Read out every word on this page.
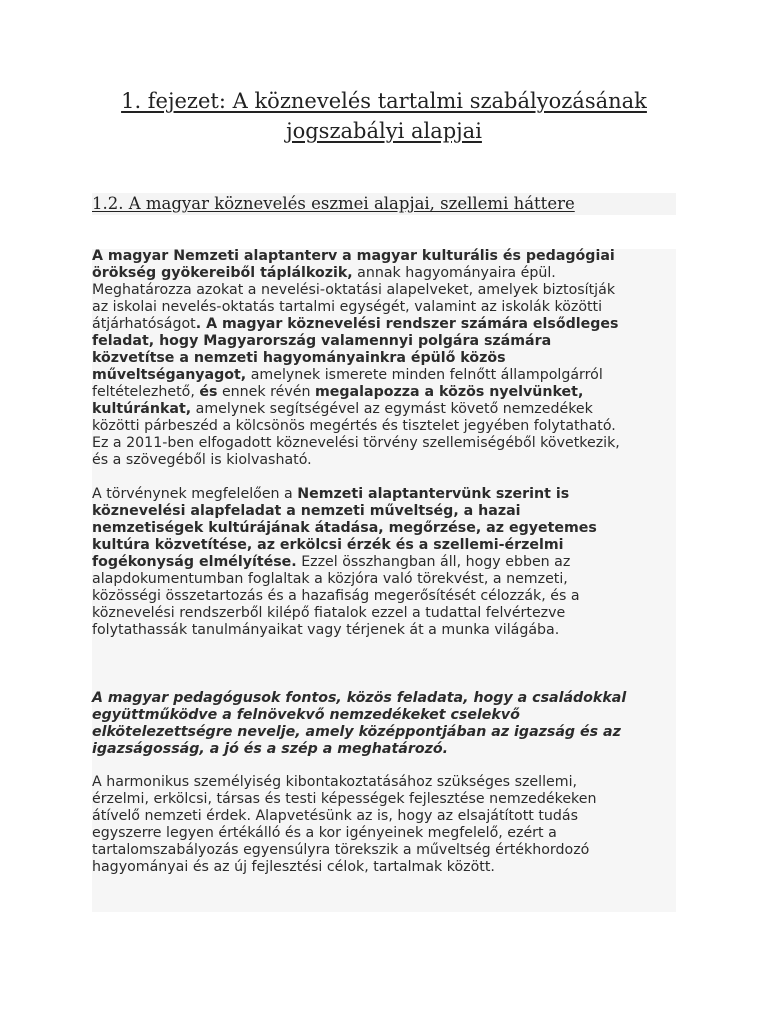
1. fejezet: A köznevelés tartalmi szabályozásának
jogszabályi alapjai
1.2. A magyar köznevelés eszmei alapjai, szellemi háttere

A magyar Nemzeti alaptanterv a magyar kulturális és pedagógiai
örökség gyökereiből táplálkozik, annak hagyományaira épül.
Meghatározza azokat a nevelési-oktatási alapelveket, amelyek biztosítják
az iskolai nevelés-oktatás tartalmi egységét, valamint az iskolák közötti
átjárhatóságot. A magyar köznevelési rendszer számára elsődleges
feladat, hogy Magyarország valamennyi polgára számára
közvetítse a nemzeti hagyományainkra épülő közös
műveltséganyagot, amelynek ismerete minden felnőtt állampolgárról
feltételezhető, és ennek révén megalapozza a közös nyelvünket,
kultúránkat, amelynek segítségével az egymást követő nemzedékek
közötti párbeszéd a kölcsönös megértés és tisztelet jegyében folytatható.
Ez a 2011-ben elfogadott köznevelési törvény szellemiségéből következik,
és a szövegéből is kiolvasható.

A törvénynek megfelelően a Nemzeti alaptantervünk szerint is
köznevelési alapfeladat a nemzeti műveltség, a hazai
nemzetiségek kultúrájának átadása, megőrzése, az egyetemes
kultúra közvetítése, az erkölcsi érzék és a szellemi-érzelmi
fogékonyság elmélyítése. Ezzel összhangban áll, hogy ebben az
alapdokumentumban foglaltak a közjóra való törekvést, a nemzeti,
közösségi összetartozás és a hazafiság megerősítését célozzák, és a
köznevelési rendszerből kilépő fiatalok ezzel a tudattal felvértezve
folytathassák tanulmányaikat vagy térjenek át a munka világába.

A magyar pedagógusok fontos, közös feladata, hogy a családokkal
együttműködve a felnövekvő nemzedékeket cselekvő
elkötelezettségre nevelje, amely középpontjában az igazság és az
igazságosság, a jó és a szép a meghatározó.

A harmonikus személyiség kibontakoztatásához szükséges szellemi,
érzelmi, erkölcsi, társas és testi képességek fejlesztése nemzedékeken
átívelő nemzeti érdek. Alapvetésünk az is, hogy az elsajátított tudás
egyszerre legyen értékálló és a kor igényeinek megfelelő, ezért a
tartalomszabályozás egyensúlyra törekszik a műveltség értékhordozó
hagyományai és az új fejlesztési célok, tartalmak között.
